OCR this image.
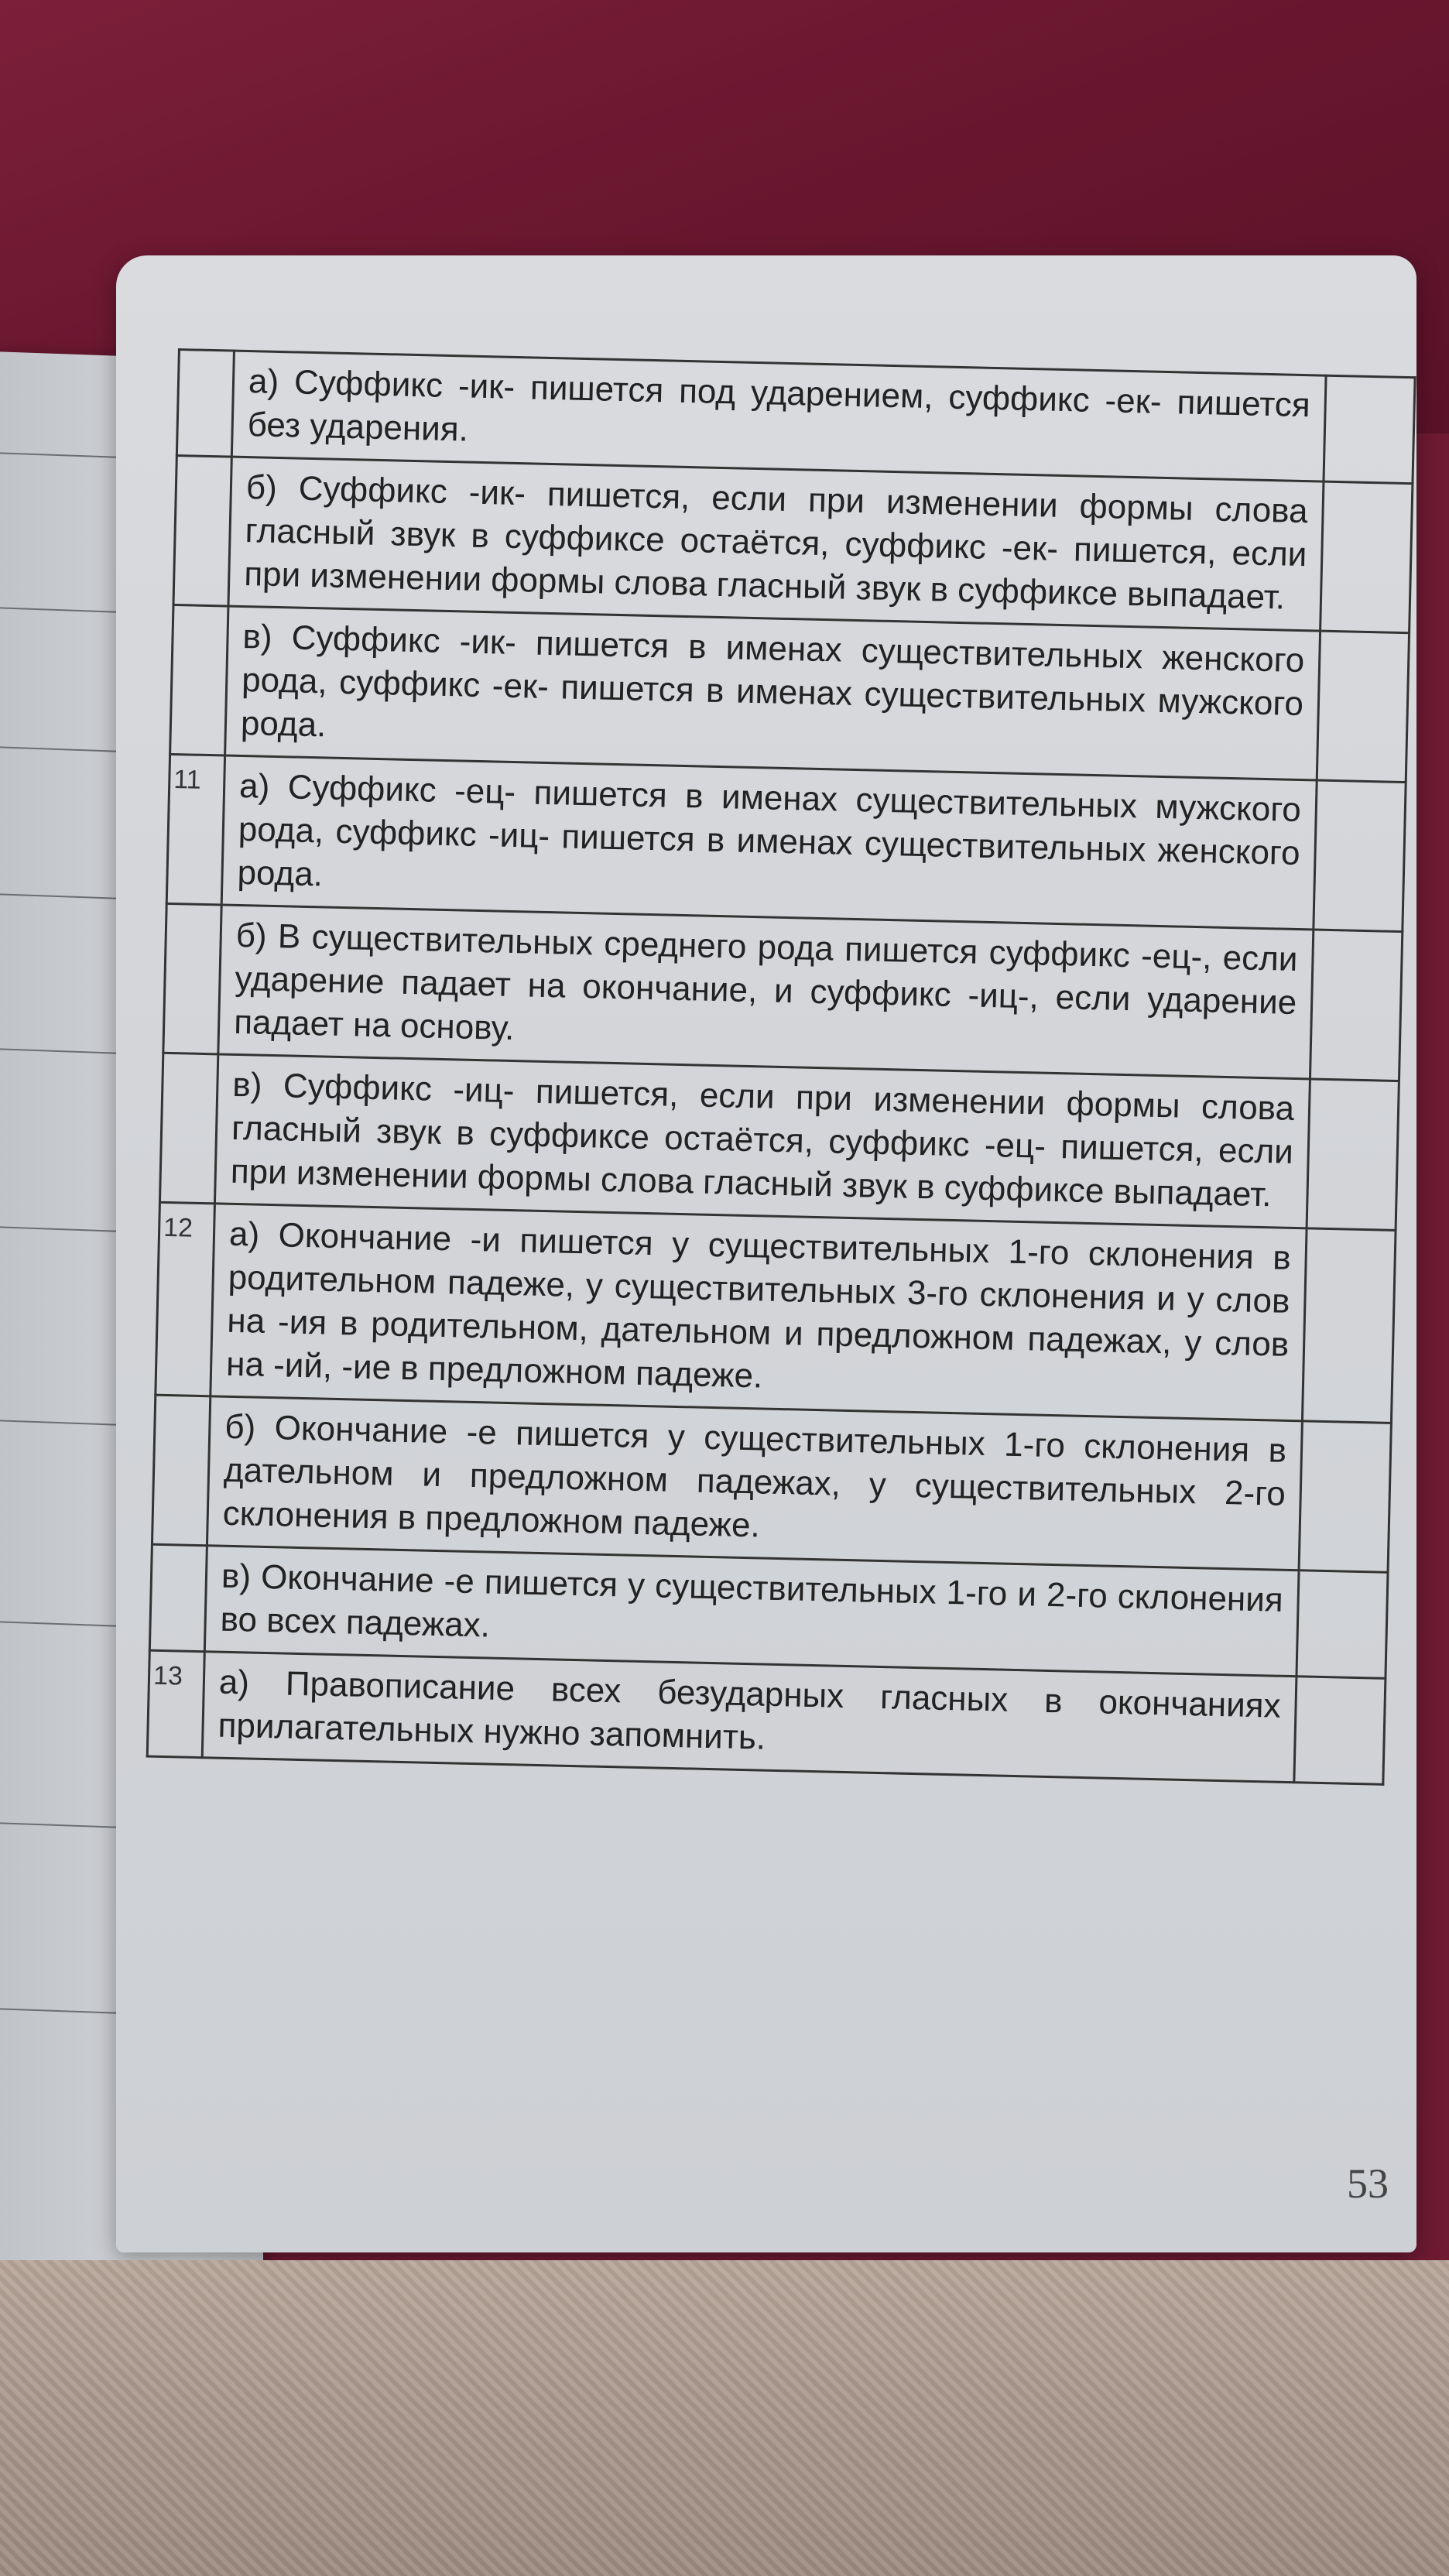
	а) Суффикс -ик- пишется под ударением, суффикс -ек- пишется без ударения.	

	б) Суффикс -ик- пишется, если при изменении формы слова гласный звук в суффиксе остаётся, суффикс -ек- пишется, если при изменении формы слова гласный звук в суффиксе выпадает.	

	в) Суффикс -ик- пишется в именах существительных женского рода, суффикс -ек- пишется в именах существительных мужского рода.	

11	а) Суффикс -ец- пишется в именах существительных мужского рода, суффикс -иц- пишется в именах существительных женского рода.	

	б) В существительных среднего рода пишется суффикс -ец-, если ударение падает на окончание, и суффикс -иц-, если ударение падает на основу.	

	в) Суффикс -иц- пишется, если при изменении формы слова гласный звук в суффиксе остаётся, суффикс -ец- пишется, если при изменении формы слова гласный звук в суффиксе выпадает.	

12	а) Окончание -и пишется у существительных 1-го склонения в родительном падеже, у существительных 3-го склонения и у слов на -ия в родительном, дательном и предложном падежах, у слов на -ий, -ие в предложном падеже.	

	б) Окончание -е пишется у существительных 1-го склонения в дательном и предложном падежах, у существительных 2-го склонения в предложном падеже.	

	в) Окончание -е пишется у существительных 1-го и 2-го склонения во всех падежах.	

13	а) Правописание всех безударных гласных в окончаниях прилагательных нужно запомнить.	

53
